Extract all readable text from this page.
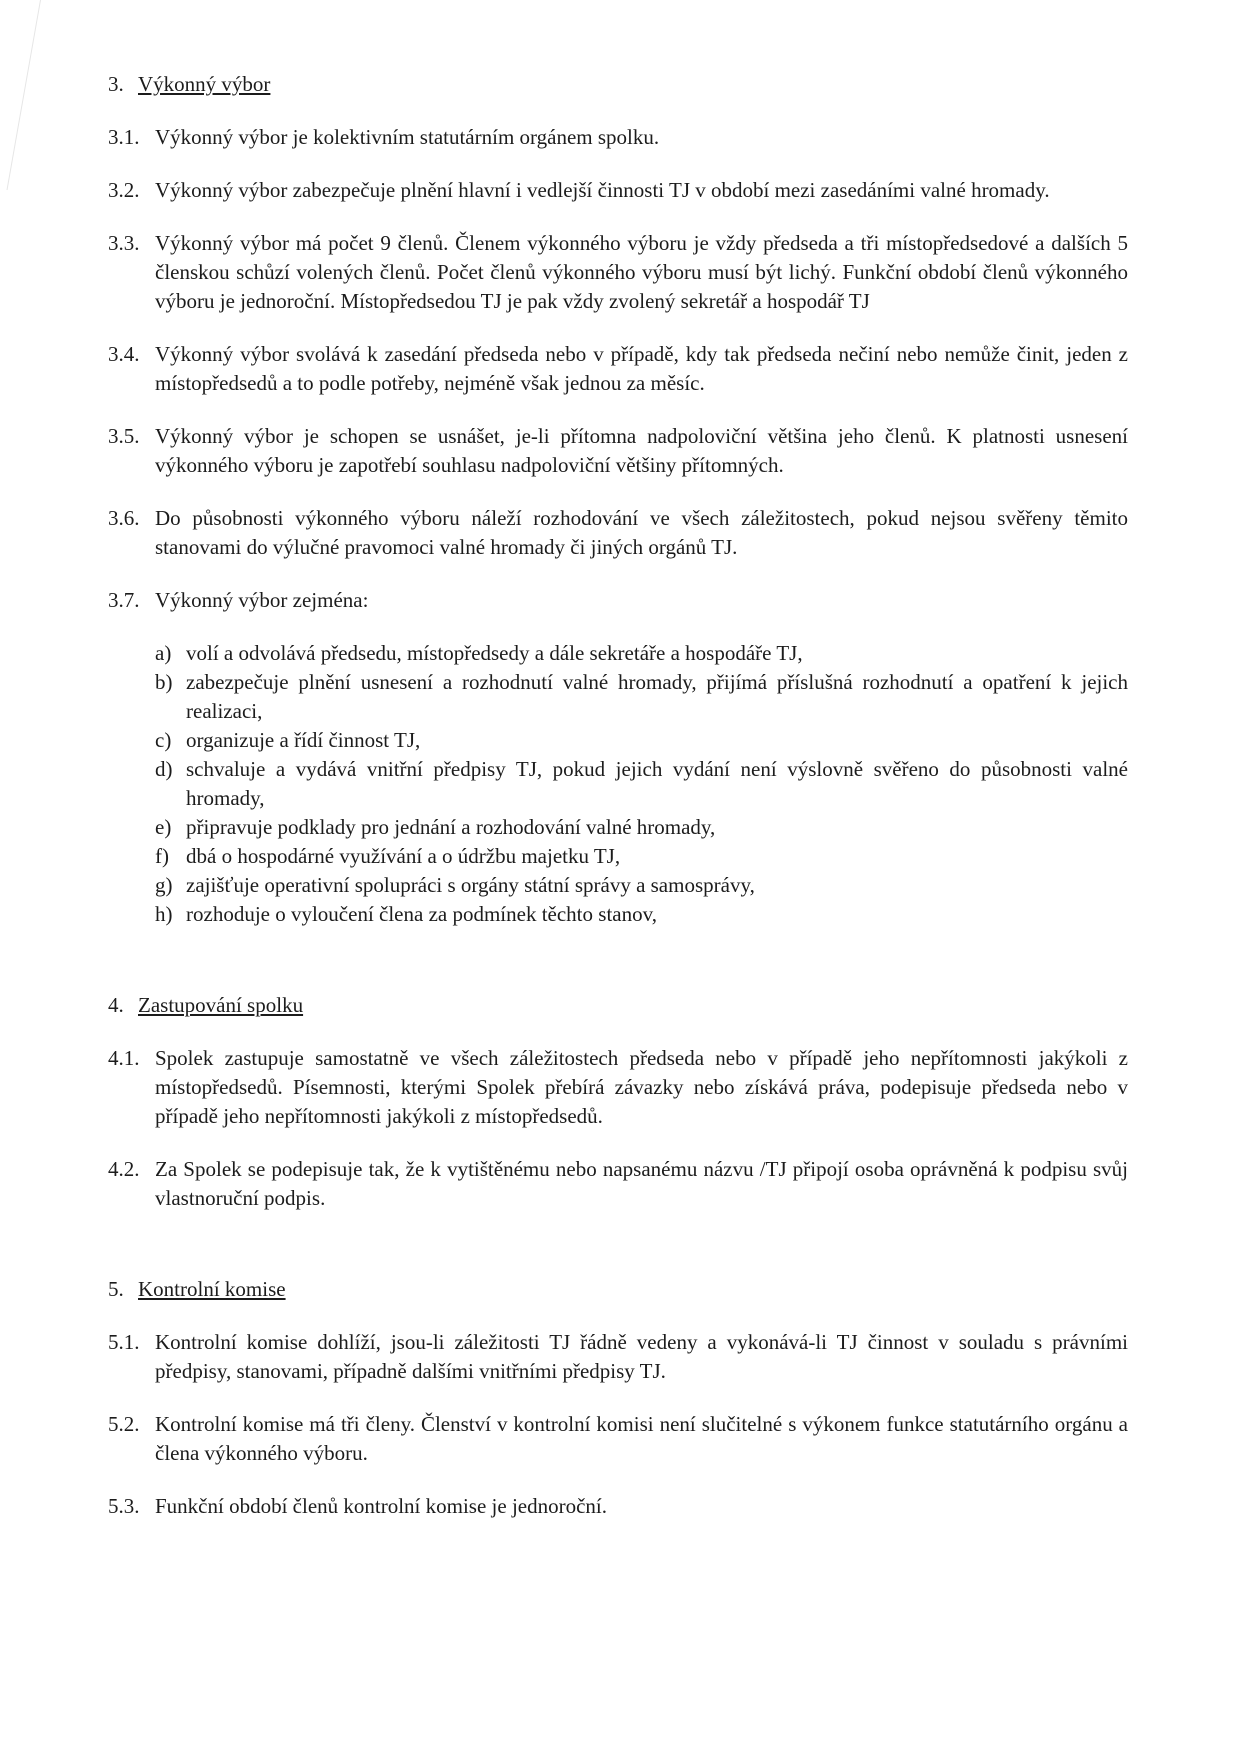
3. Výkonný výbor
3.1. Výkonný výbor je kolektivním statutárním orgánem spolku.
3.2. Výkonný výbor zabezpečuje plnění hlavní i vedlejší činnosti TJ v období mezi zasedáními valné hromady.
3.3. Výkonný výbor má počet 9 členů. Členem výkonného výboru je vždy předseda a tři místopředsedové a dalších 5 členskou schůzí volených členů. Počet členů výkonného výboru musí být lichý. Funkční období členů výkonného výboru je jednoroční. Místopředsedou TJ je pak vždy zvolený sekretář a hospodář TJ
3.4. Výkonný výbor svolává k zasedání předseda nebo v případě, kdy tak předseda nečiní nebo nemůže činit, jeden z místopředsedů a to podle potřeby, nejméně však jednou za měsíc.
3.5. Výkonný výbor je schopen se usnášet, je-li přítomna nadpoloviční většina jeho členů. K platnosti usnesení výkonného výboru je zapotřebí souhlasu nadpoloviční většiny přítomných.
3.6. Do působnosti výkonného výboru náleží rozhodování ve všech záležitostech, pokud nejsou svěřeny těmito stanovami do výlučné pravomoci valné hromady či jiných orgánů TJ.
3.7. Výkonný výbor zejména:
a) volí a odvolává předsedu, místopředsedy a dále sekretáře a hospodáře TJ,
b) zabezpečuje plnění usnesení a rozhodnutí valné hromady, přijímá příslušná rozhodnutí a opatření k jejich realizaci,
c) organizuje a řídí činnost TJ,
d) schvaluje a vydává vnitřní předpisy TJ, pokud jejich vydání není výslovně svěřeno do působnosti valné hromady,
e) připravuje podklady pro jednání a rozhodování valné hromady,
f) dbá o hospodárné využívání a o údržbu majetku TJ,
g) zajišťuje operativní spolupráci s orgány státní správy a samosprávy,
h) rozhoduje o vyloučení člena za podmínek těchto stanov,
4. Zastupování spolku
4.1. Spolek zastupuje samostatně ve všech záležitostech předseda nebo v případě jeho nepřítomnosti jakýkoli z místopředsedů. Písemnosti, kterými Spolek přebírá závazky nebo získává práva, podepisuje předseda nebo v případě jeho nepřítomnosti jakýkoli z místopředsedů.
4.2. Za Spolek se podepisuje tak, že k vytištěnému nebo napsanému názvu /TJ připojí osoba oprávněná k podpisu svůj vlastnoruční podpis.
5. Kontrolní komise
5.1. Kontrolní komise dohlíží, jsou-li záležitosti TJ řádně vedeny a vykonává-li TJ činnost v souladu s právními předpisy, stanovami, případně dalšími vnitřními předpisy TJ.
5.2. Kontrolní komise má tři členy. Členství v kontrolní komisi není slučitelné s výkonem funkce statutárního orgánu a člena výkonného výboru.
5.3. Funkční období členů kontrolní komise je jednoroční.
